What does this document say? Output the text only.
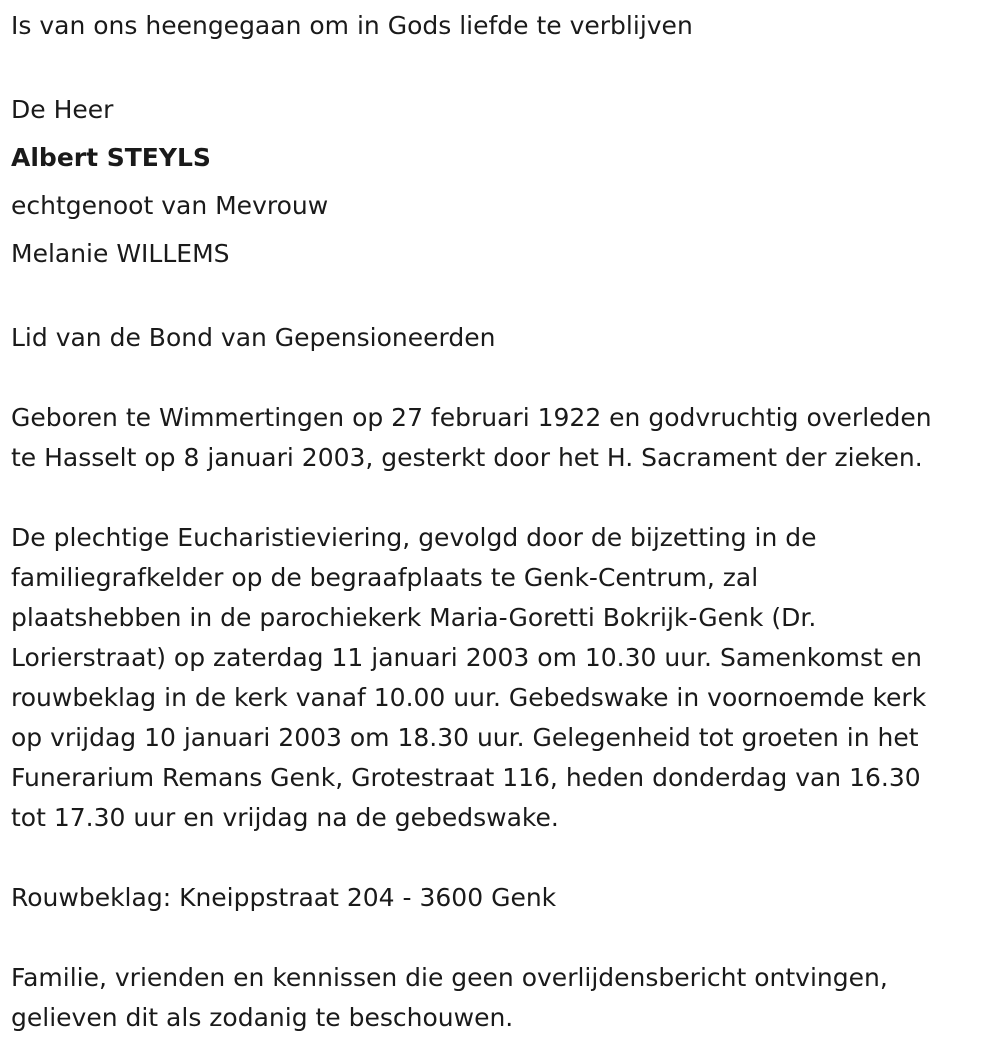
Is van ons heengegaan om in Gods liefde te verblijven
De Heer
Albert STEYLS
echtgenoot van Mevrouw
Melanie WILLEMS
Lid van de Bond van Gepensioneerden
Geboren te Wimmertingen op 27 februari 1922 en godvruchtig overleden
te Hasselt op 8 januari 2003, gesterkt door het H. Sacrament der zieken.
De plechtige Eucharistieviering, gevolgd door de bijzetting in de
familiegrafkelder op de begraafplaats te Genk-Centrum, zal
plaatshebben in de parochiekerk Maria-Goretti Bokrijk-Genk (Dr.
Lorierstraat) op zaterdag 11 januari 2003 om 10.30 uur. Samenkomst en
rouwbeklag in de kerk vanaf 10.00 uur. Gebedswake in voornoemde kerk
op vrijdag 10 januari 2003 om 18.30 uur. Gelegenheid tot groeten in het
Funerarium Remans Genk, Grotestraat 116, heden donderdag van 16.30
tot 17.30 uur en vrijdag na de gebedswake.
Rouwbeklag: Kneippstraat 204 - 3600 Genk
Familie, vrienden en kennissen die geen overlijdensbericht ontvingen,
gelieven dit als zodanig te beschouwen.
